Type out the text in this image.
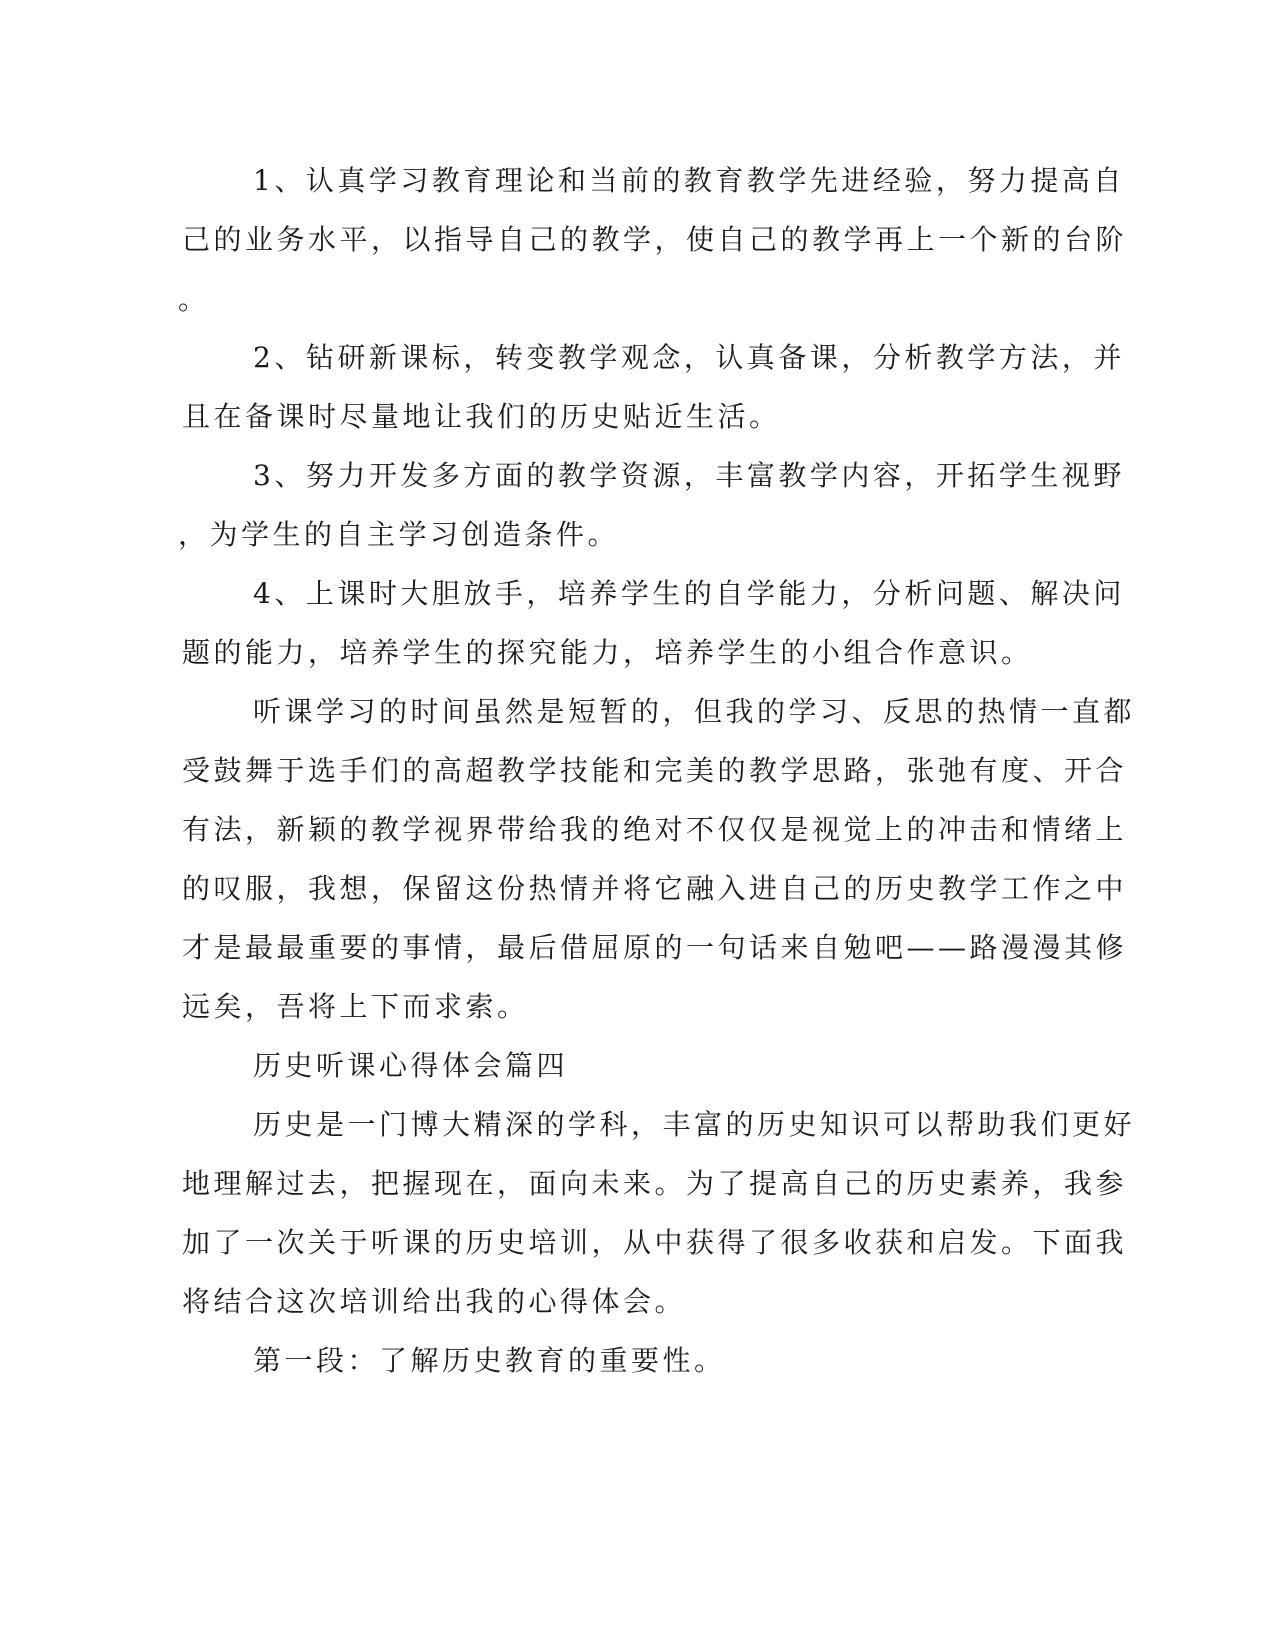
1、认真学习教育理论和当前的教育教学先进经验，努力提高自
己的业务水平，以指导自己的教学，使自己的教学再上一个新的台阶
。
2、钻研新课标，转变教学观念，认真备课，分析教学方法，并
且在备课时尽量地让我们的历史贴近生活。
3、努力开发多方面的教学资源，丰富教学内容，开拓学生视野
，为学生的自主学习创造条件。
4、上课时大胆放手，培养学生的自学能力，分析问题、解决问
题的能力，培养学生的探究能力，培养学生的小组合作意识。
听课学习的时间虽然是短暂的，但我的学习、反思的热情一直都
受鼓舞于选手们的高超教学技能和完美的教学思路，张弛有度、开合
有法，新颖的教学视界带给我的绝对不仅仅是视觉上的冲击和情绪上
的叹服，我想，保留这份热情并将它融入进自己的历史教学工作之中
才是最最重要的事情，最后借屈原的一句话来自勉吧——路漫漫其修
远矣，吾将上下而求索。
历史听课心得体会篇四
历史是一门博大精深的学科，丰富的历史知识可以帮助我们更好
地理解过去，把握现在，面向未来。为了提高自己的历史素养，我参
加了一次关于听课的历史培训，从中获得了很多收获和启发。下面我
将结合这次培训给出我的心得体会。
第一段：了解历史教育的重要性。
